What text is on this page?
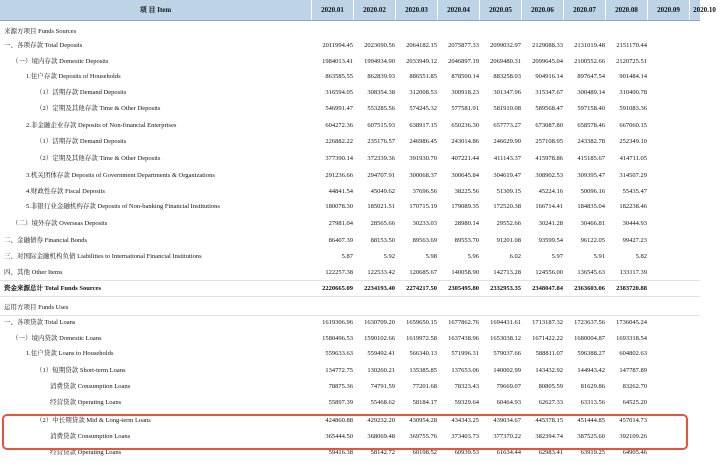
项 目 Item	2020.01	2020.02	2020.03	2020.04	2020.05	2020.06	2020.07	2020.08	2020.09	2020.10
来源方项目 Funds Sources
一、各项存款 Total Deposits	2011994.45	2023690.56	2064182.15	2075877.33	2099032.97	2129088.33	2131019.48	2151170.44
（一）境内存款 Domestic Deposits	1984013.41	1994934.90	2033949.12	2046897.19	2069480.31	2099645.04	2100552.66	2120725.51
1.住户存款 Deposits of Households	863585.55	862839.93	886551.85	878500.14	883258.03	904916.14	897647.54	901484.14
（1）活期存款 Demand Deposits	316594.05	308354.38	312008.53	300918.23	301347.96	315347.67	300489.14	310400.78
（2）定期及其他存款 Time & Other Deposits	546991.47	553285.56	574245.32	577581.91	581910.08	589568.47	597158.40	591083.36
2.非金融企业存款 Deposits of Non-financial Enterprises	604272.36	607515.93	638917.15	650236.30	657773.27	673087.80	658578.46	667060.15
（1）活期存款 Demand Deposits	226882.22	235176.57	246986.45	243014.86	246629.90	257108.95	243382.78	252349.10
（2）定期及其他存款 Time & Other Deposits	377390.14	372339.36	391930.70	407221.44	411143.37	415978.86	415185.67	414711.05
3.机关团体存款 Deposits of Government Departments & Organizations	291236.66	294707.91	300068.37	300645.84	304619.47	308902.53	309395.47	314507.29
4.财政性存款 Fiscal Deposits	44841.54	45049.62	37696.56	38225.56	51309.15	45224.16	50096.16	55435.47
5.非银行业金融机构存款 Deposits of Non-banking Financial Institutions	180078.30	185021.51	170715.19	179089.35	172520.38	166714.41	184835.04	182238.46
（二）境外存款 Overseas Deposits	27981.04	28565.66	30233.03	28980.14	29552.66	30241.28	30466.81	30444.93
二、金融债券 Financial Bonds	86407.39	88153.50	89563.69	89553.70	91201.08	93599.54	96122.05	99427.23
三、对国际金融机构负债 Liabilities to International Financial Institutions	5.87	5.92	5.98	5.96	6.02	5.97	5.91	5.82
四、其他 Other Items	122257.38	122533.42	120685.67	140058.90	142713.28	124556.00	136545.63	133117.39
资金来源总计 Total Funds Sources	2220665.09	2234193.40	2274217.50	2305495.80	2332953.35	2348047.84	2363603.06	2383720.88
运用方项目 Funds Uses
一、各项贷款 Total Loans	1619306.96	1630709.20	1659650.15	1677862.76	1694431.61	1713187.32	1723637.56	1736045.24
（一）境内贷款 Domestic Loans	1580496.53	1590102.66	1619972.58	1637438.96	1653038.12	1671422.22	1680004.87	1693318.54
1.住户贷款 Loans to Households	559633.63	559492.41	566340.13	571996.31	579037.66	588811.07	596388.27	604802.63
（1）短期贷款 Short-term Loans	134772.75	130260.21	135385.85	137653.06	140002.99	143432.92	144943.42	147787.89
消费贷款 Consumption Loans	78875.36	74791.59	77201.68	78323.43	79669.07	80805.59	81629.86	83262.70
经营贷款 Operating Loans	55897.39	55468.62	58184.17	59329.64	60464.93	62627.33	63313.56	64525.20
（2）中长期贷款 Mid & Long-term Loans	424860.88	429232.20	430954.28	434343.25	439034.67	445378.15	451444.85	457014.73
消费贷款 Consumption Loans	365444.50	368069.48	369755.76	373403.73	377370.22	382394.74	387525.60	392109.26
经营贷款 Operating Loans	59416.38	58142.72	60198.52	60939.53	61634.44	62983.41	63919.25	64905.46
